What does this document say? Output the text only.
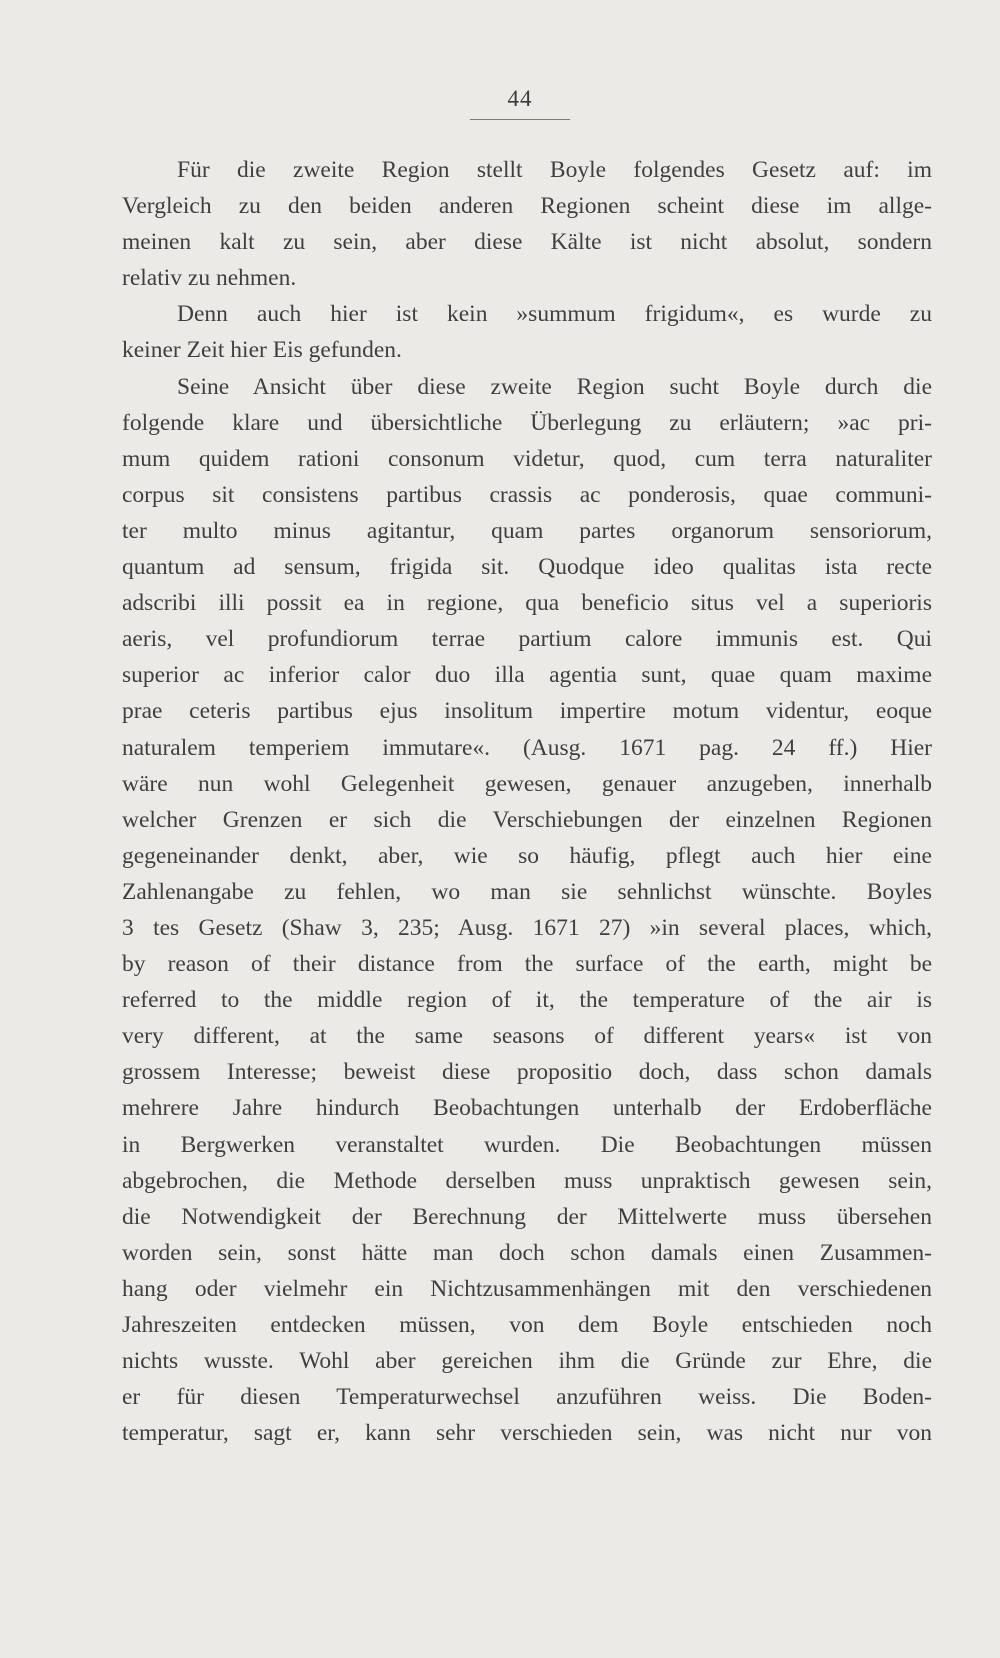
44
Für die zweite Region stellt Boyle folgendes Gesetz auf: im
Vergleich zu den beiden anderen Regionen scheint diese im allge-
meinen kalt zu sein, aber diese Kälte ist nicht absolut, sondern
relativ zu nehmen.
Denn auch hier ist kein »summum frigidum«, es wurde zu
keiner Zeit hier Eis gefunden.
Seine Ansicht über diese zweite Region sucht Boyle durch die
folgende klare und übersichtliche Überlegung zu erläutern; »ac pri-
mum quidem rationi consonum videtur, quod, cum terra naturaliter
corpus sit consistens partibus crassis ac ponderosis, quae communi-
ter multo minus agitantur, quam partes organorum sensoriorum,
quantum ad sensum, frigida sit. Quodque ideo qualitas ista recte
adscribi illi possit ea in regione, qua beneficio situs vel a superioris
aeris, vel profundiorum terrae partium calore immunis est. Qui
superior ac inferior calor duo illa agentia sunt, quae quam maxime
prae ceteris partibus ejus insolitum impertire motum videntur, eoque
naturalem temperiem immutare«. (Ausg. 1671 pag. 24 ff.) Hier
wäre nun wohl Gelegenheit gewesen, genauer anzugeben, innerhalb
welcher Grenzen er sich die Verschiebungen der einzelnen Regionen
gegeneinander denkt, aber, wie so häufig, pflegt auch hier eine
Zahlenangabe zu fehlen, wo man sie sehnlichst wünschte. Boyles
3 tes Gesetz (Shaw 3, 235; Ausg. 1671 27) »in several places, which,
by reason of their distance from the surface of the earth, might be
referred to the middle region of it, the temperature of the air is
very different, at the same seasons of different years« ist von
grossem Interesse; beweist diese propositio doch, dass schon damals
mehrere Jahre hindurch Beobachtungen unterhalb der Erdoberfläche
in Bergwerken veranstaltet wurden. Die Beobachtungen müssen
abgebrochen, die Methode derselben muss unpraktisch gewesen sein,
die Notwendigkeit der Berechnung der Mittelwerte muss übersehen
worden sein, sonst hätte man doch schon damals einen Zusammen-
hang oder vielmehr ein Nichtzusammenhängen mit den verschiedenen
Jahreszeiten entdecken müssen, von dem Boyle entschieden noch
nichts wusste. Wohl aber gereichen ihm die Gründe zur Ehre, die
er für diesen Temperaturwechsel anzuführen weiss. Die Boden-
temperatur, sagt er, kann sehr verschieden sein, was nicht nur von
